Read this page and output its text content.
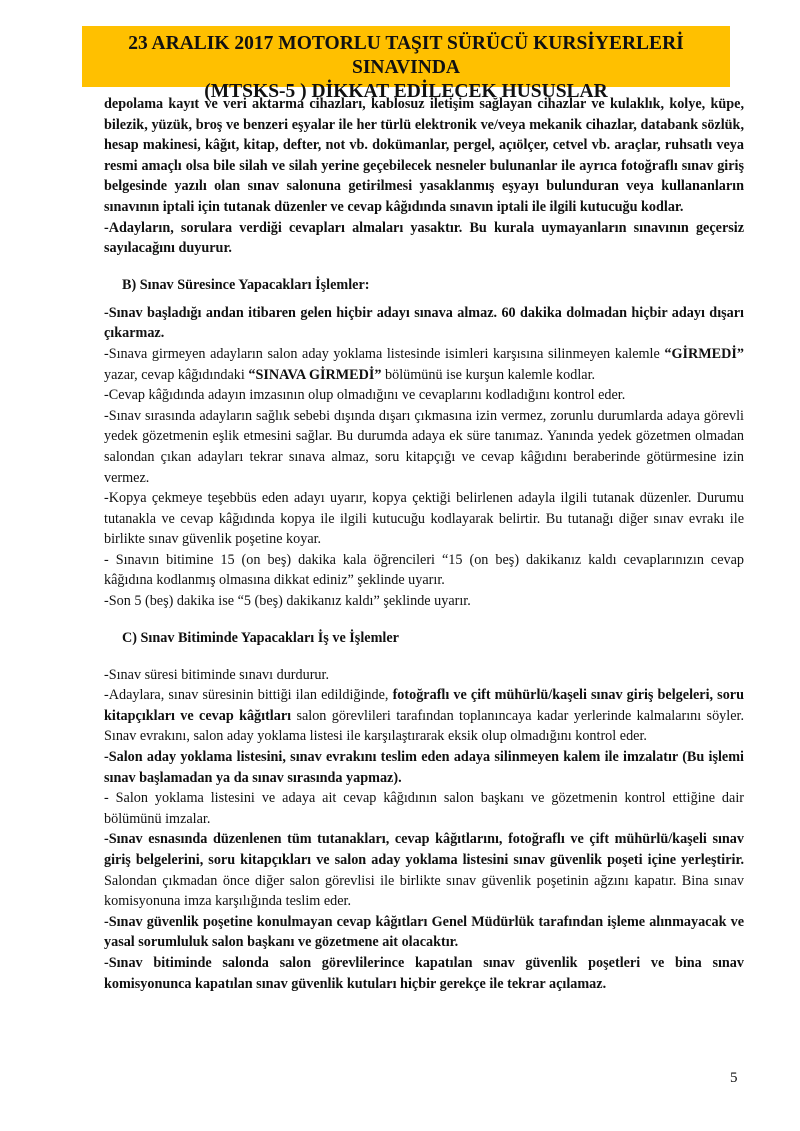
23 ARALIK 2017 MOTORLU TAŞIT SÜRÜCÜ KURSİYERLERİ SINAVINDA
(MTSKS-5 ) DİKKAT EDİLECEK HUSUSLAR

depolama kayıt ve veri aktarma cihazları, kablosuz iletişim sağlayan cihazlar ve kulaklık, kolye, küpe, bilezik, yüzük, broş ve benzeri eşyalar ile her türlü elektronik ve/veya mekanik cihazlar, databank sözlük, hesap makinesi, kâğıt, kitap, defter, not vb. dokümanlar, pergel, açıölçer, cetvel vb. araçlar, ruhsatlı veya resmi amaçlı olsa bile silah ve silah yerine geçebilecek nesneler bulunanlar ile ayrıca fotoğraflı sınav giriş belgesinde yazılı olan sınav salonuna getirilmesi yasaklanmış eşyayı bulunduran veya kullananların sınavının iptali için tutanak düzenler ve cevap kâğıdında sınavın iptali ile ilgili kutucuğu kodlar.

-Adayların, sorulara verdiği cevapları almaları yasaktır. Bu kurala uymayanların sınavının geçersiz sayılacağını duyurur.

B) Sınav Süresince Yapacakları İşlemler:

-Sınav başladığı andan itibaren gelen hiçbir adayı sınava almaz. 60 dakika dolmadan hiçbir adayı dışarı çıkarmaz.

-Sınava girmeyen adayların salon aday yoklama listesinde isimleri karşısına silinmeyen kalemle “GİRMEDİ” yazar, cevap kâğıdındaki “SINAVA GİRMEDİ” bölümünü ise kurşun kalemle kodlar.

-Cevap kâğıdında adayın imzasının olup olmadığını ve cevaplarını kodladığını kontrol eder.

-Sınav sırasında adayların sağlık sebebi dışında dışarı çıkmasına izin vermez, zorunlu durumlarda adaya görevli yedek gözetmenin eşlik etmesini sağlar. Bu durumda adaya ek süre tanımaz. Yanında yedek gözetmen olmadan salondan çıkan adayları tekrar sınava almaz, soru kitapçığı ve cevap kâğıdını beraberinde götürmesine izin vermez.

-Kopya çekmeye teşebbüs eden adayı uyarır, kopya çektiği belirlenen adayla ilgili tutanak düzenler. Durumu tutanakla ve cevap kâğıdında kopya ile ilgili kutucuğu kodlayarak belirtir. Bu tutanağı diğer sınav evrakı ile birlikte sınav güvenlik poşetine koyar.

- Sınavın bitimine 15 (on beş) dakika kala öğrencileri “15 (on beş) dakikanız kaldı cevaplarınızın cevap kâğıdına kodlanmış olmasına dikkat ediniz” şeklinde uyarır.

-Son 5 (beş) dakika ise “5 (beş) dakikanız kaldı” şeklinde uyarır.

C) Sınav Bitiminde Yapacakları İş ve İşlemler

-Sınav süresi bitiminde sınavı durdurur.

-Adaylara, sınav süresinin bittiği ilan edildiğinde, fotoğraflı ve çift mühürlü/kaşeli sınav giriş belgeleri, soru kitapçıkları ve cevap kâğıtları salon görevlileri tarafından toplanıncaya kadar yerlerinde kalmalarını söyler. Sınav evrakını, salon aday yoklama listesi ile karşılaştırarak eksik olup olmadığını kontrol eder.

-Salon aday yoklama listesini, sınav evrakını teslim eden adaya silinmeyen kalem ile imzalatır (Bu işlemi sınav başlamadan ya da sınav sırasında yapmaz).

- Salon yoklama listesini ve adaya ait cevap kâğıdının salon başkanı ve gözetmenin kontrol ettiğine dair bölümünü imzalar.

-Sınav esnasında düzenlenen tüm tutanakları, cevap kâğıtlarını, fotoğraflı ve çift mühürlü/kaşeli sınav giriş belgelerini, soru kitapçıkları ve salon aday yoklama listesini sınav güvenlik poşeti içine yerleştirir. Salondan çıkmadan önce diğer salon görevlisi ile birlikte sınav güvenlik poşetinin ağzını kapatır. Bina sınav komisyonuna imza karşılığında teslim eder.

-Sınav güvenlik poşetine konulmayan cevap kâğıtları Genel Müdürlük tarafından işleme alınmayacak ve yasal sorumluluk salon başkanı ve gözetmene ait olacaktır.

-Sınav bitiminde salonda salon görevlilerince kapatılan sınav güvenlik poşetleri ve bina sınav komisyonunca kapatılan sınav güvenlik kutuları hiçbir gerekçe ile tekrar açılamaz.

5
